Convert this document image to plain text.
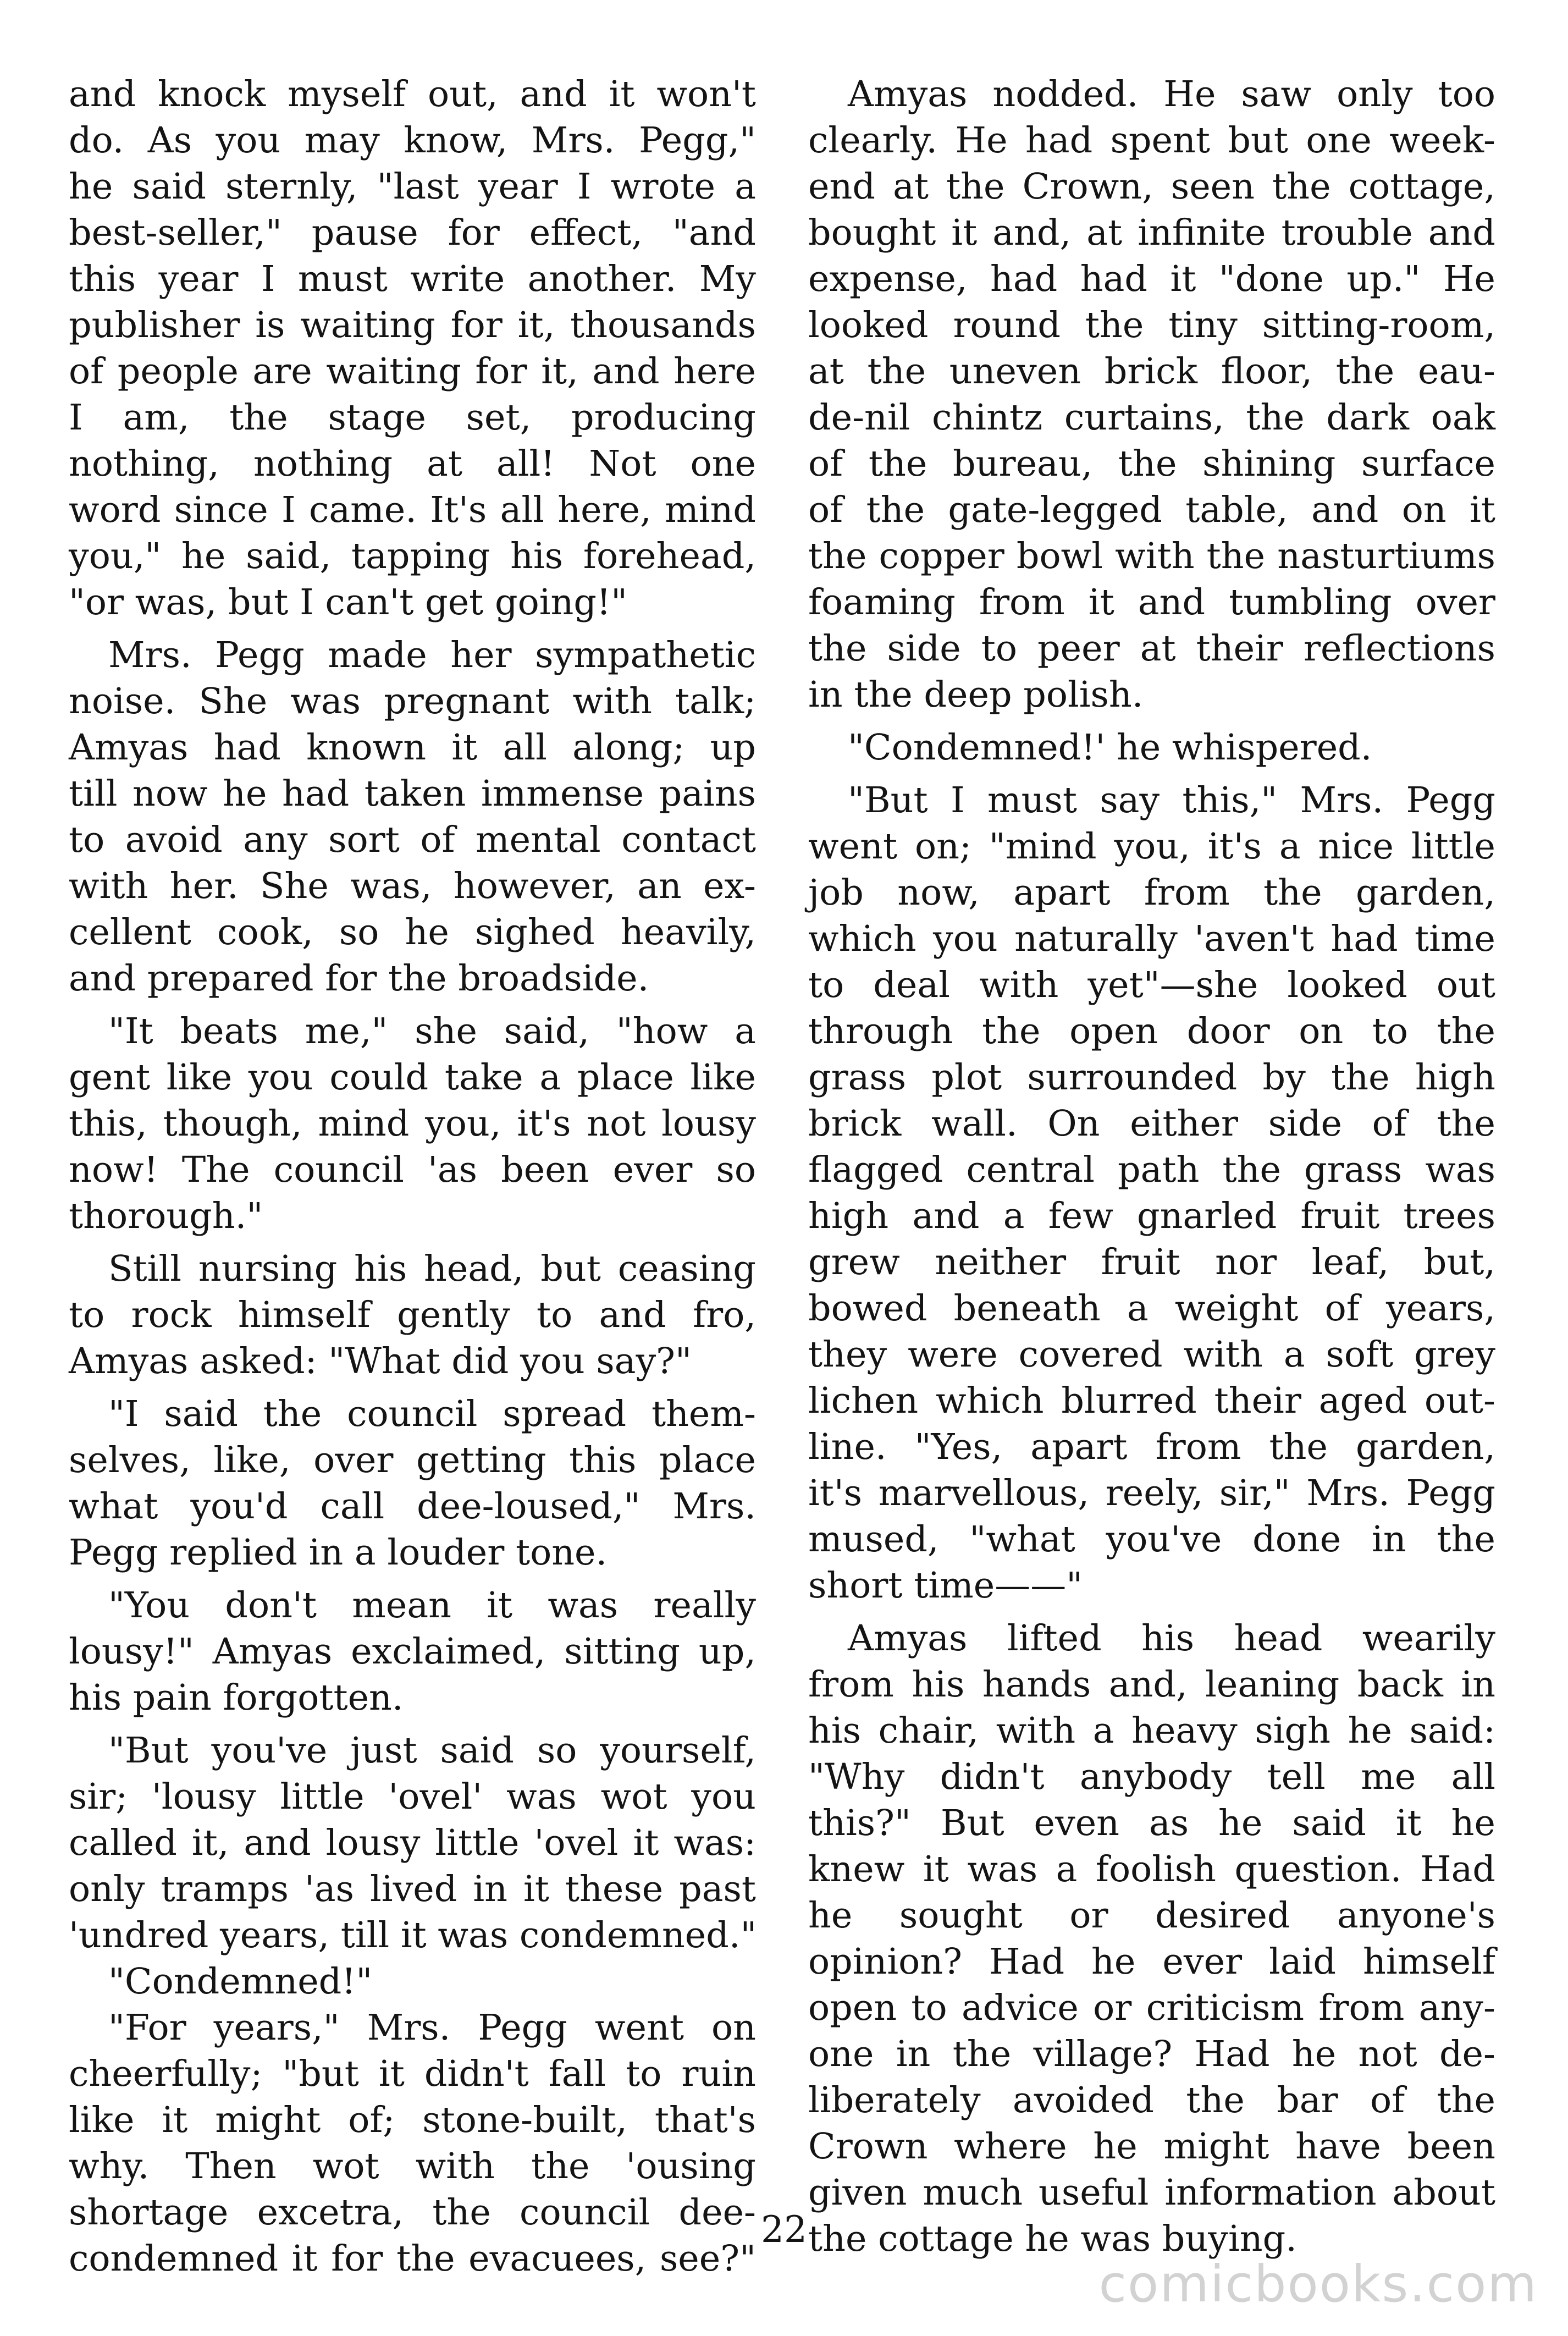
and knock myself out, and it won't
do. As you may know, Mrs. Pegg,"
he said sternly, "last year I wrote a
best-seller," pause for effect, "and
this year I must write another. My
publisher is waiting for it, thousands
of people are waiting for it, and here
I am, the stage set, producing
nothing, nothing at all! Not one
word since I came. It's all here, mind
you," he said, tapping his forehead,
"or was, but I can't get going!"
Mrs. Pegg made her sympathetic
noise. She was pregnant with talk;
Amyas had known it all along; up
till now he had taken immense pains
to avoid any sort of mental contact
with her. She was, however, an ex-
cellent cook, so he sighed heavily,
and prepared for the broadside.
"It beats me," she said, "how a
gent like you could take a place like
this, though, mind you, it's not lousy
now! The council 'as been ever so
thorough."
Still nursing his head, but ceasing
to rock himself gently to and fro,
Amyas asked: "What did you say?"
"I said the council spread them-
selves, like, over getting this place
what you'd call dee-loused," Mrs.
Pegg replied in a louder tone.
"You don't mean it was really
lousy!" Amyas exclaimed, sitting up,
his pain forgotten.
"But you've just said so yourself,
sir; 'lousy little 'ovel' was wot you
called it, and lousy little 'ovel it was:
only tramps 'as lived in it these past
'undred years, till it was condemned."
"Condemned!"
"For years," Mrs. Pegg went on
cheerfully; "but it didn't fall to ruin
like it might of; stone-built, that's
why. Then wot with the 'ousing
shortage excetra, the council dee-
condemned it for the evacuees, see?"
Amyas nodded. He saw only too
clearly. He had spent but one week-
end at the Crown, seen the cottage,
bought it and, at infinite trouble and
expense, had had it "done up." He
looked round the tiny sitting-room,
at the uneven brick floor, the eau-
de-nil chintz curtains, the dark oak
of the bureau, the shining surface
of the gate-legged table, and on it
the copper bowl with the nasturtiums
foaming from it and tumbling over
the side to peer at their reflections
in the deep polish.
"Condemned!' he whispered.
"But I must say this," Mrs. Pegg
went on; "mind you, it's a nice little
job now, apart from the garden,
which you naturally 'aven't had time
to deal with yet"—she looked out
through the open door on to the
grass plot surrounded by the high
brick wall. On either side of the
flagged central path the grass was
high and a few gnarled fruit trees
grew neither fruit nor leaf, but,
bowed beneath a weight of years,
they were covered with a soft grey
lichen which blurred their aged out-
line. "Yes, apart from the garden,
it's marvellous, reely, sir," Mrs. Pegg
mused, "what you've done in the
short time——"
Amyas lifted his head wearily
from his hands and, leaning back in
his chair, with a heavy sigh he said:
"Why didn't anybody tell me all
this?" But even as he said it he
knew it was a foolish question. Had
he sought or desired anyone's
opinion? Had he ever laid himself
open to advice or criticism from any-
one in the village? Had he not de-
liberately avoided the bar of the
Crown where he might have been
given much useful information about
the cottage he was buying.
22
comicbooks.com
